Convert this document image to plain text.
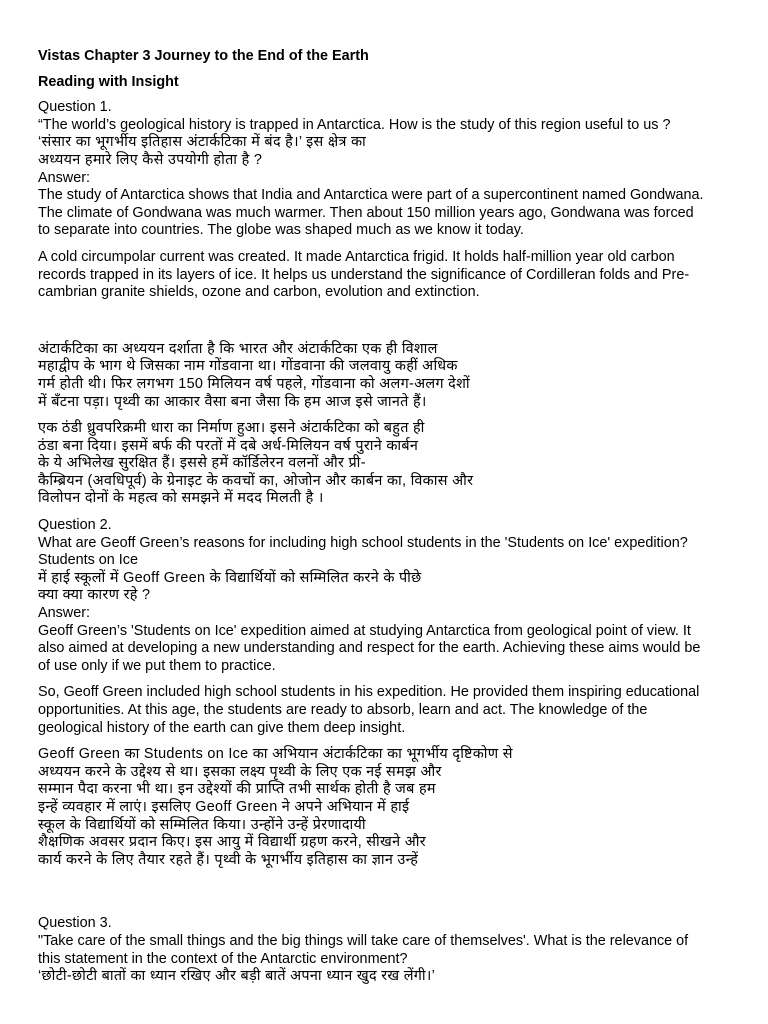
Vistas Chapter 3 Journey to the End of the Earth

Reading with Insight

Question 1.
“The world’s geological history is trapped in Antarctica. How is the study of this region useful to us ?
‘संसार का भूगर्भीय इतिहास अंटार्कटिका में बंद है।’ इस क्षेत्र का
अध्ययन हमारे लिए कैसे उपयोगी होता है ?
Answer:
The study of Antarctica shows that India and Antarctica were part of a supercontinent named Gondwana.
The climate of Gondwana was much warmer. Then about 150 million years ago, Gondwana was forced
to separate into countries. The globe was shaped much as we know it today.
A cold circumpolar current was created. It made Antarctica frigid. It holds half-million year old carbon
records trapped in its layers of ice. It helps us understand the significance of Cordilleran folds and Pre-
cambrian granite shields, ozone and carbon, evolution and extinction.
अंटार्कटिका का अध्ययन दर्शाता है कि भारत और अंटार्कटिका एक ही विशाल
महाद्वीप के भाग थे जिसका नाम गोंडवाना था। गोंडवाना की जलवायु कहीं अधिक
गर्म होती थी। फिर लगभग 150 मिलियन वर्ष पहले, गोंडवाना को अलग-अलग देशों
में बँटना पड़ा। पृथ्वी का आकार वैसा बना जैसा कि हम आज इसे जानते हैं।
एक ठंडी ध्रुवपरिक्रमी धारा का निर्माण हुआ। इसने अंटार्कटिका को बहुत ही
ठंडा बना दिया। इसमें बर्फ की परतों में दबे अर्ध-मिलियन वर्ष पुराने कार्बन
के ये अभिलेख सुरक्षित हैं। इससे हमें कॉर्डिलेरन वलनों और प्री-
कैम्ब्रियन (अवधिपूर्व) के ग्रेनाइट के कवचों का, ओजोन और कार्बन का, विकास और
विलोपन दोनों के महत्व को समझने में मदद मिलती है ।
Question 2.
What are Geoff Green’s reasons for including high school students in the 'Students on Ice' expedition?
Students on Ice
में हाई स्कूलों में Geoff Green के विद्यार्थियों को सम्मिलित करने के पीछे
क्या क्या कारण रहे ?
Answer:
Geoff Green’s 'Students on Ice' expedition aimed at studying Antarctica from geological point of view. It
also aimed at developing a new understanding and respect for the earth. Achieving these aims would be
of use only if we put them to practice.
So, Geoff Green included high school students in his expedition. He provided them inspiring educational
opportunities. At this age, the students are ready to absorb, learn and act. The knowledge of the
geological history of the earth can give them deep insight.
Geoff Green का Students on Ice का अभियान अंटार्कटिका का भूगर्भीय दृष्टिकोण से
अध्ययन करने के उद्देश्य से था। इसका लक्ष्य पृथ्वी के लिए एक नई समझ और
सम्मान पैदा करना भी था। इन उद्देश्यों की प्राप्ति तभी सार्थक होती है जब हम
इन्हें व्यवहार में लाएं। इसलिए Geoff Green ने अपने अभियान में हाई
स्कूल के विद्यार्थियों को सम्मिलित किया। उन्होंने उन्हें प्रेरणादायी
शैक्षणिक अवसर प्रदान किए। इस आयु में विद्यार्थी ग्रहण करने, सीखने और
कार्य करने के लिए तैयार रहते हैं। पृथ्वी के भूगर्भीय इतिहास का ज्ञान उन्हें
Question 3.
"Take care of the small things and the big things will take care of themselves'. What is the relevance of
this statement in the context of the Antarctic environment?
‘छोटी-छोटी बातों का ध्यान रखिए और बड़ी बातें अपना ध्यान खुद रख लेंगी।’
